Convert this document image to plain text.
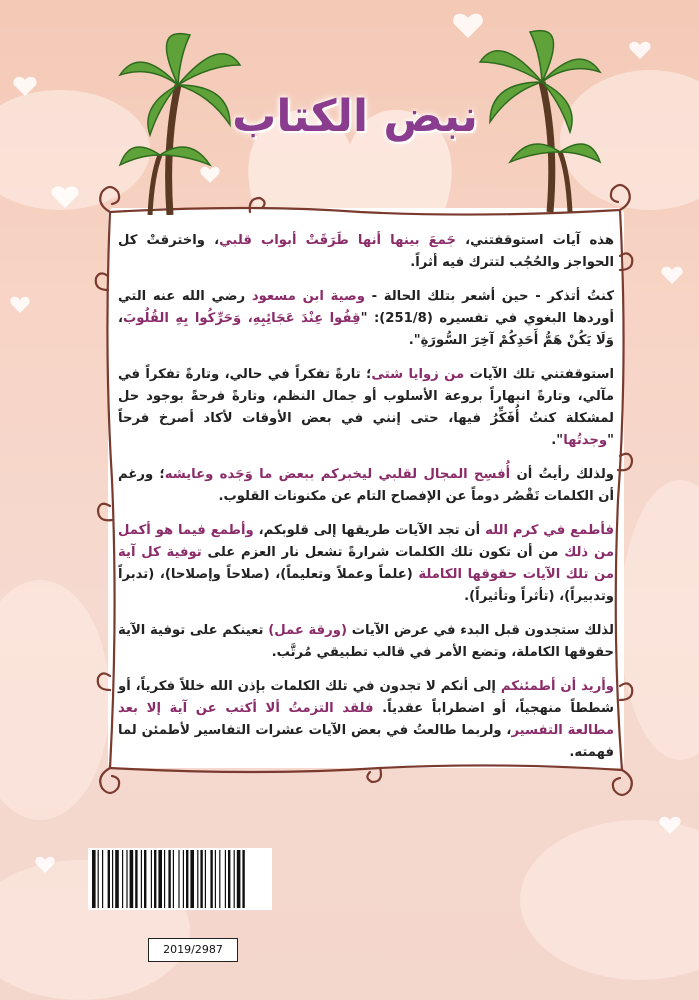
نبض الكتاب

هذه آيات استوقفتني، جَمعَ بينها أنها طَرَقَتْ أبواب قلبي، واخترقتْ كل الحواجز والحُجُب لتترك فيه أثراً.

كنتُ أتذكر - حين أشعر بتلك الحالة - وصية ابن مسعود رضي الله عنه التي أوردها البغوي في تفسيره (251/8): "قِفُوا عِنْدَ عَجَائِبِهِ، وَحَرِّكُوا بِهِ القُلُوبَ، وَلَا يَكُنْ هَمُّ أَحَدِكُمْ آخِرَ السُّورَةِ".

استوقفتني تلك الآيات من زوايا شتى؛ تارةً تفكراً في حالي، وتارةً تفكراً في مآلي، وتارةً انبهاراً بروعة الأسلوب أو جمال النظم، وتارةً فرحةً بوجود حل لمشكلة كنتُ أُفَكِّرُ فيها، حتى إنني في بعض الأوقات لأكاد أصرخ فرحاً "وجدتُها".

ولذلك رأيتُ أن أُفسِح المجال لقلبي ليخبركم ببعض ما وَجَده وعايشه؛ ورغم أن الكلمات تَقْصُر دوماً عن الإفصاح التام عن مكنونات القلوب.

فأطمع في كرم الله أن تجد الآيات طريقها إلى قلوبكم، وأطمع فيما هو أكمل من ذلك من أن تكون تلك الكلمات شرارةً تشعل نار العزم على توفية كل آية من تلك الآيات حقوقها الكاملة (علماً وعملاً وتعليماً)، (صلاحاً وإصلاحا)، (تدبراً وتدبيراً)، (تأثراً وتأثيراً).

لذلك ستجدون قبل البدء في عرض الآيات (ورقة عمل) تعينكم على توفية الآية حقوقها الكاملة، وتضع الأمر في قالب تطبيقي مُرتَّب.

وأريد أن أطمئنكم إلى أنكم لا تجدون في تلك الكلمات بإذن الله خللاً فكرياً، أو شططاً منهجياً، أو اضطراباً عقدياً. فلقد التزمتُ ألا أكتب عن آية إلا بعد مطالعة التفسير، ولربما طالعتُ في بعض الآيات عشرات التفاسير لأطمئن لما فهمته.

2019/2987
